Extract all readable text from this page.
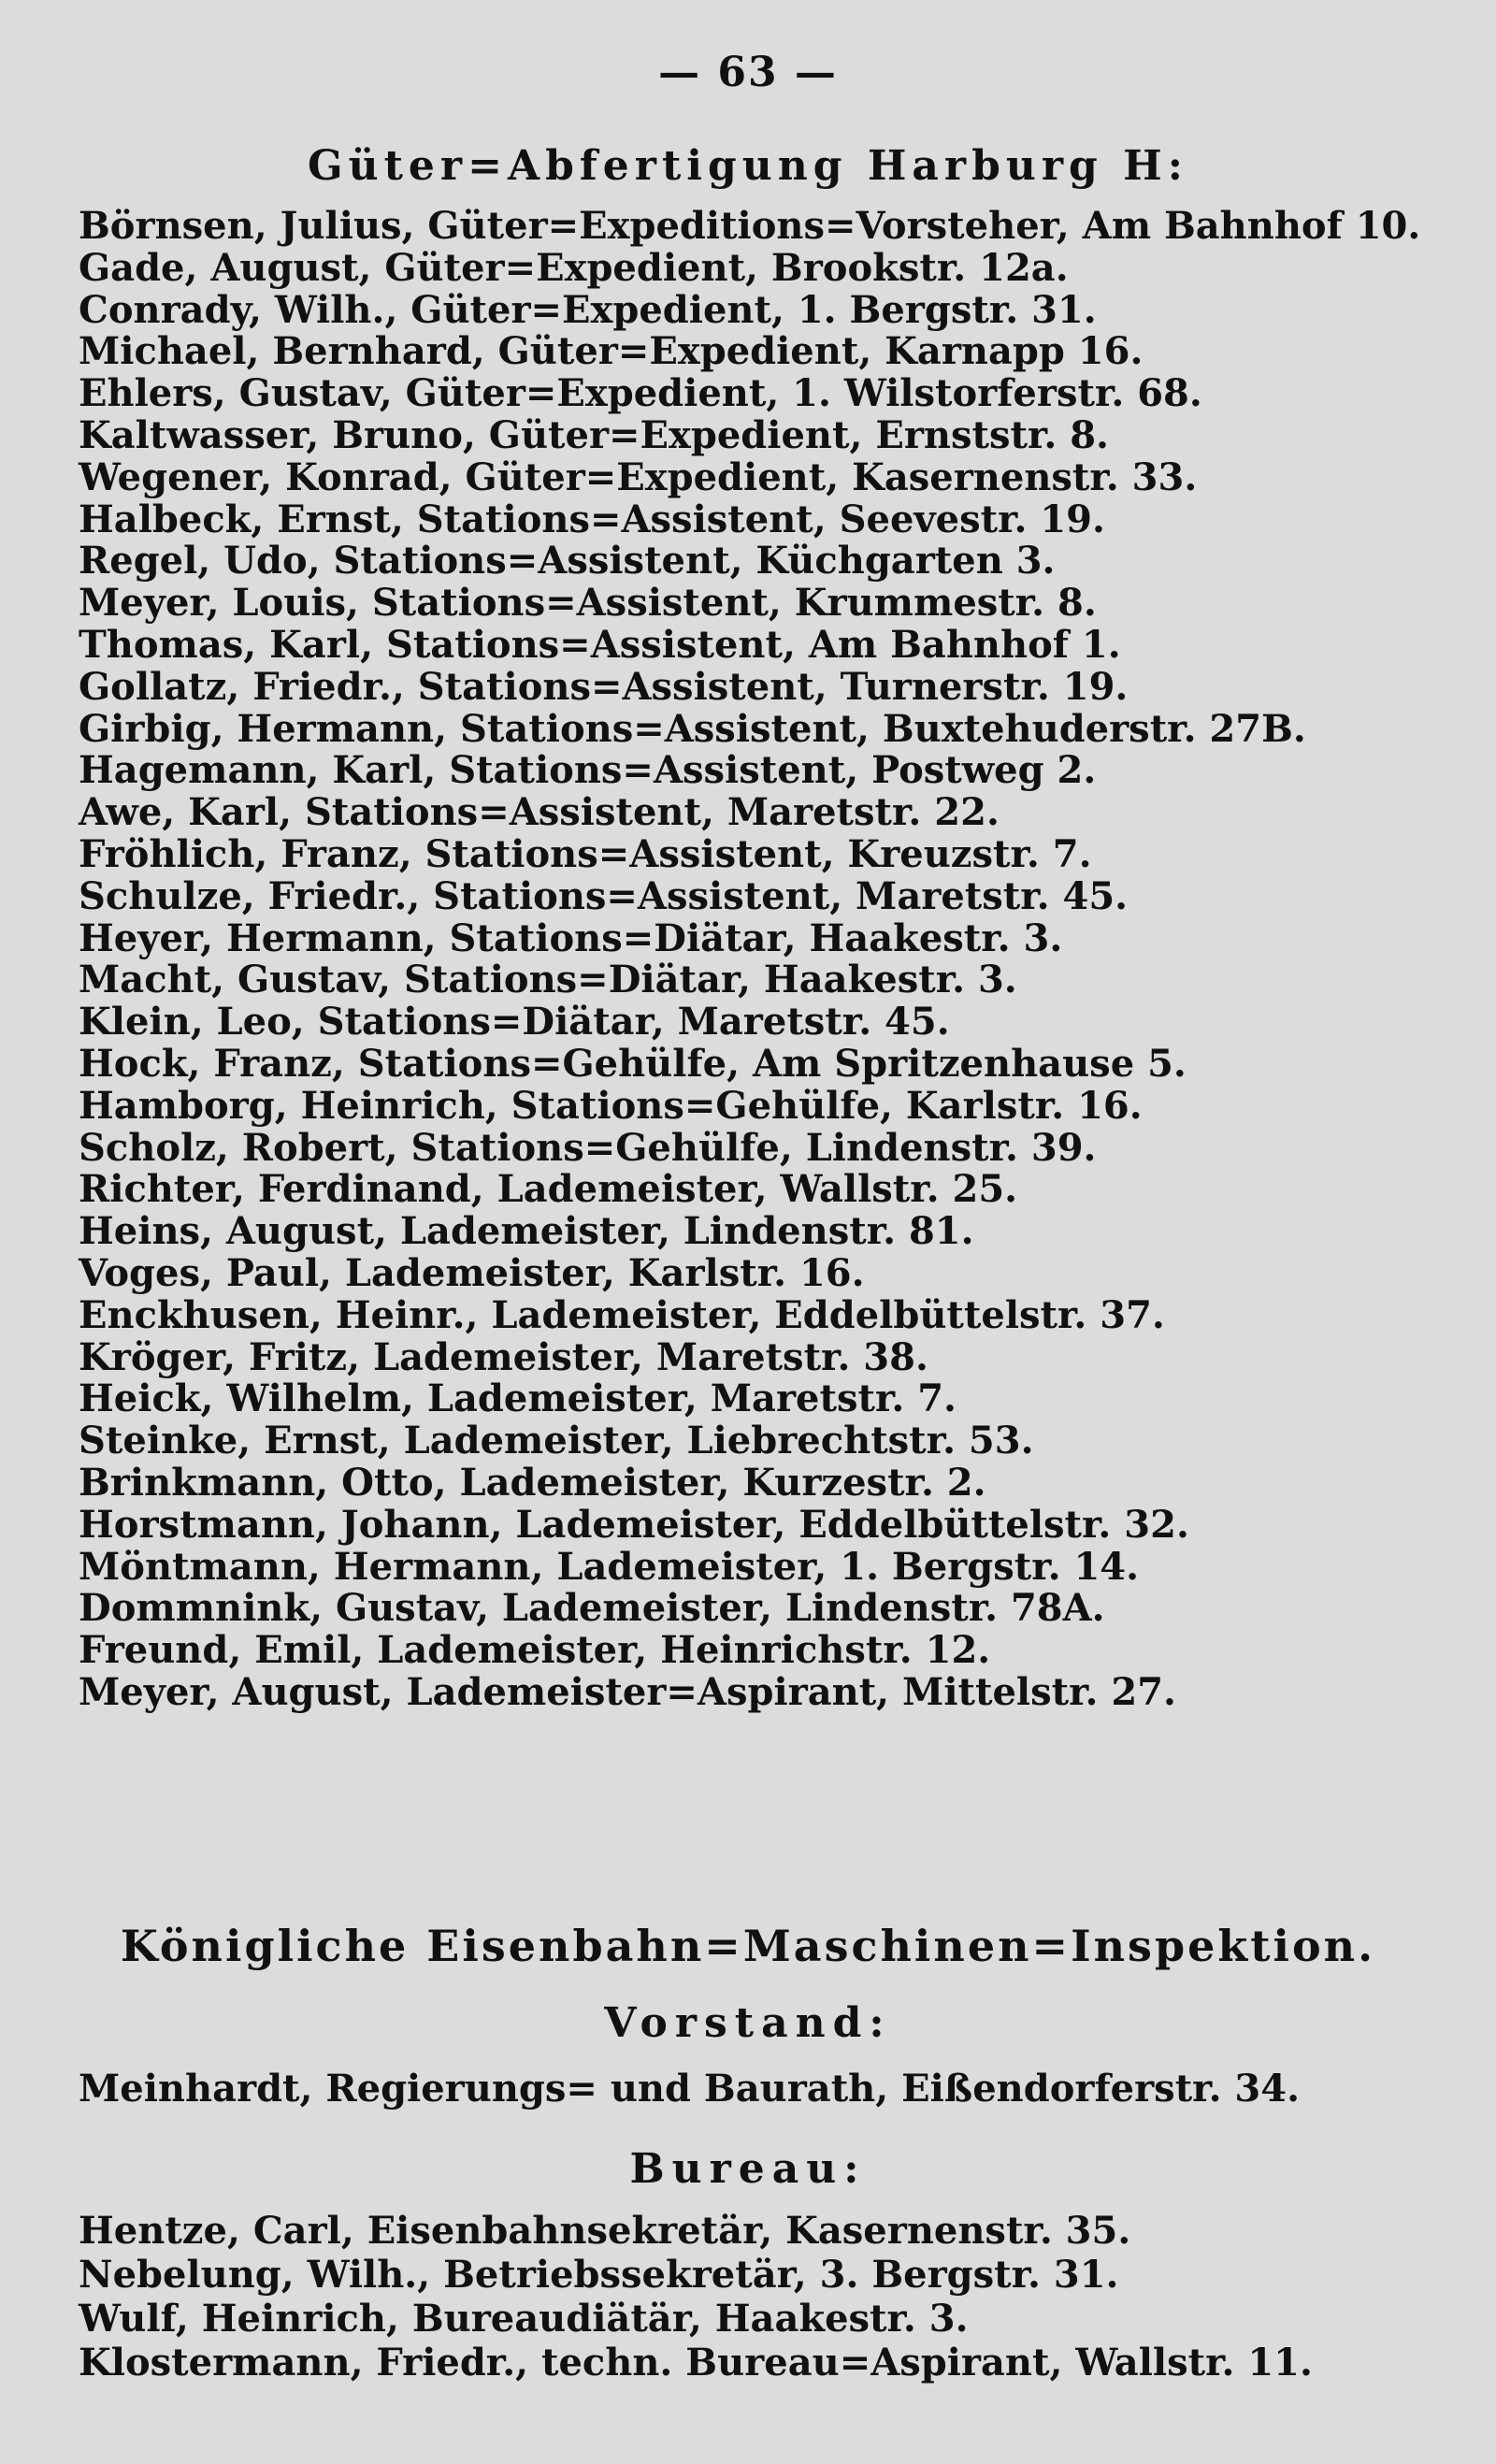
— 63 —
Güter=Abfertigung Harburg H:
Börnsen, Julius, Güter=Expeditions=Vorsteher, Am Bahnhof 10.
Gade, August, Güter=Expedient, Brookstr. 12a.
Conrady, Wilh., Güter=Expedient, 1. Bergstr. 31.
Michael, Bernhard, Güter=Expedient, Karnapp 16.
Ehlers, Gustav, Güter=Expedient, 1. Wilstorferstr. 68.
Kaltwasser, Bruno, Güter=Expedient, Ernststr. 8.
Wegener, Konrad, Güter=Expedient, Kasernenstr. 33.
Halbeck, Ernst, Stations=Assistent, Seevestr. 19.
Regel, Udo, Stations=Assistent, Küchgarten 3.
Meyer, Louis, Stations=Assistent, Krummestr. 8.
Thomas, Karl, Stations=Assistent, Am Bahnhof 1.
Gollatz, Friedr., Stations=Assistent, Turnerstr. 19.
Girbig, Hermann, Stations=Assistent, Buxtehuderstr. 27B.
Hagemann, Karl, Stations=Assistent, Postweg 2.
Awe, Karl, Stations=Assistent, Maretstr. 22.
Fröhlich, Franz, Stations=Assistent, Kreuzstr. 7.
Schulze, Friedr., Stations=Assistent, Maretstr. 45.
Heyer, Hermann, Stations=Diätar, Haakestr. 3.
Macht, Gustav, Stations=Diätar, Haakestr. 3.
Klein, Leo, Stations=Diätar, Maretstr. 45.
Hock, Franz, Stations=Gehülfe, Am Spritzenhause 5.
Hamborg, Heinrich, Stations=Gehülfe, Karlstr. 16.
Scholz, Robert, Stations=Gehülfe, Lindenstr. 39.
Richter, Ferdinand, Lademeister, Wallstr. 25.
Heins, August, Lademeister, Lindenstr. 81.
Voges, Paul, Lademeister, Karlstr. 16.
Enckhusen, Heinr., Lademeister, Eddelbüttelstr. 37.
Kröger, Fritz, Lademeister, Maretstr. 38.
Heick, Wilhelm, Lademeister, Maretstr. 7.
Steinke, Ernst, Lademeister, Liebrechtstr. 53.
Brinkmann, Otto, Lademeister, Kurzestr. 2.
Horstmann, Johann, Lademeister, Eddelbüttelstr. 32.
Möntmann, Hermann, Lademeister, 1. Bergstr. 14.
Dommnink, Gustav, Lademeister, Lindenstr. 78A.
Freund, Emil, Lademeister, Heinrichstr. 12.
Meyer, August, Lademeister=Aspirant, Mittelstr. 27.
Königliche Eisenbahn=Maschinen=Inspektion.
Vorstand:
Meinhardt, Regierungs= und Baurath, Eißendorferstr. 34.
Bureau:
Hentze, Carl, Eisenbahnsekretär, Kasernenstr. 35.
Nebelung, Wilh., Betriebssekretär, 3. Bergstr. 31.
Wulf, Heinrich, Bureaudiätär, Haakestr. 3.
Klostermann, Friedr., techn. Bureau=Aspirant, Wallstr. 11.
